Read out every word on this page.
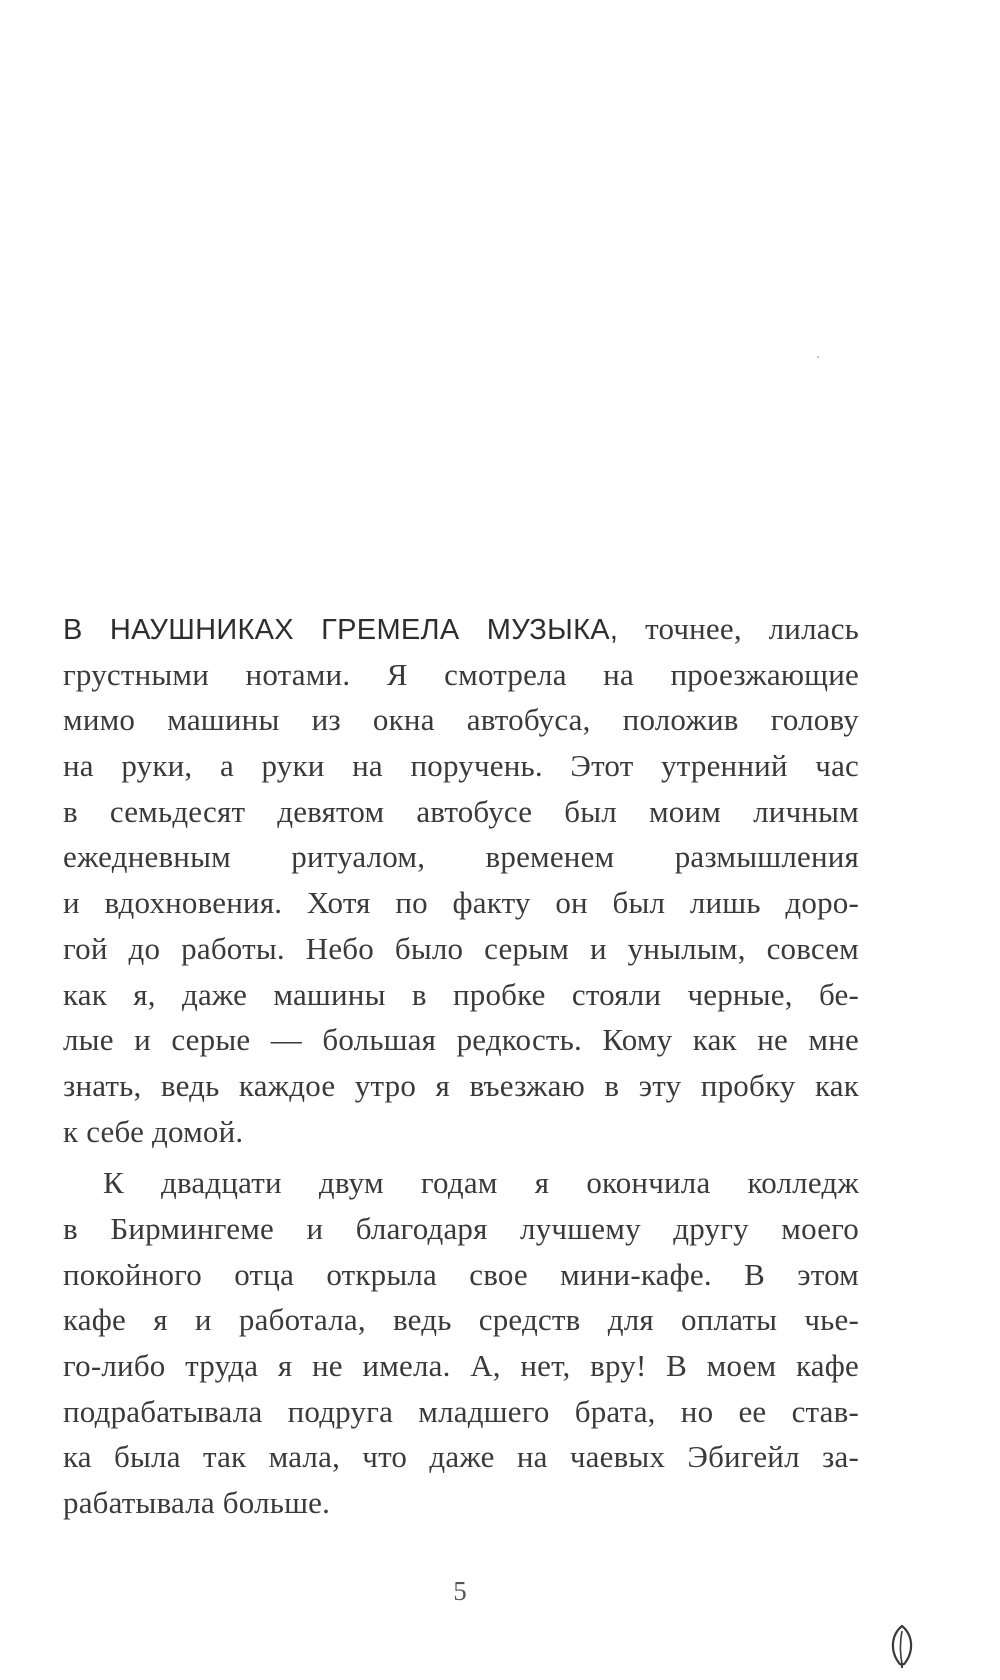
В НАУШНИКАХ ГРЕМЕЛА МУЗЫКА, точнее, лилась
грустными нотами. Я смотрела на проезжающие
мимо машины из окна автобуса, положив голову
на руки, а руки на поручень. Этот утренний час
в семьдесят девятом автобусе был моим личным
ежедневным ритуалом, временем размышления
и вдохновения. Хотя по факту он был лишь доро-
гой до работы. Небо было серым и унылым, совсем
как я, даже машины в пробке стояли черные, бе-
лые и серые — большая редкость. Кому как не мне
знать, ведь каждое утро я въезжаю в эту пробку как
к себе домой.
К двадцати двум годам я окончила колледж
в Бирмингеме и благодаря лучшему другу моего
покойного отца открыла свое мини-кафе. В этом
кафе я и работала, ведь средств для оплаты чье-
го-либо труда я не имела. А, нет, вру! В моем кафе
подрабатывала подруга младшего брата, но ее став-
ка была так мала, что даже на чаевых Эбигейл за-
рабатывала больше.
5
